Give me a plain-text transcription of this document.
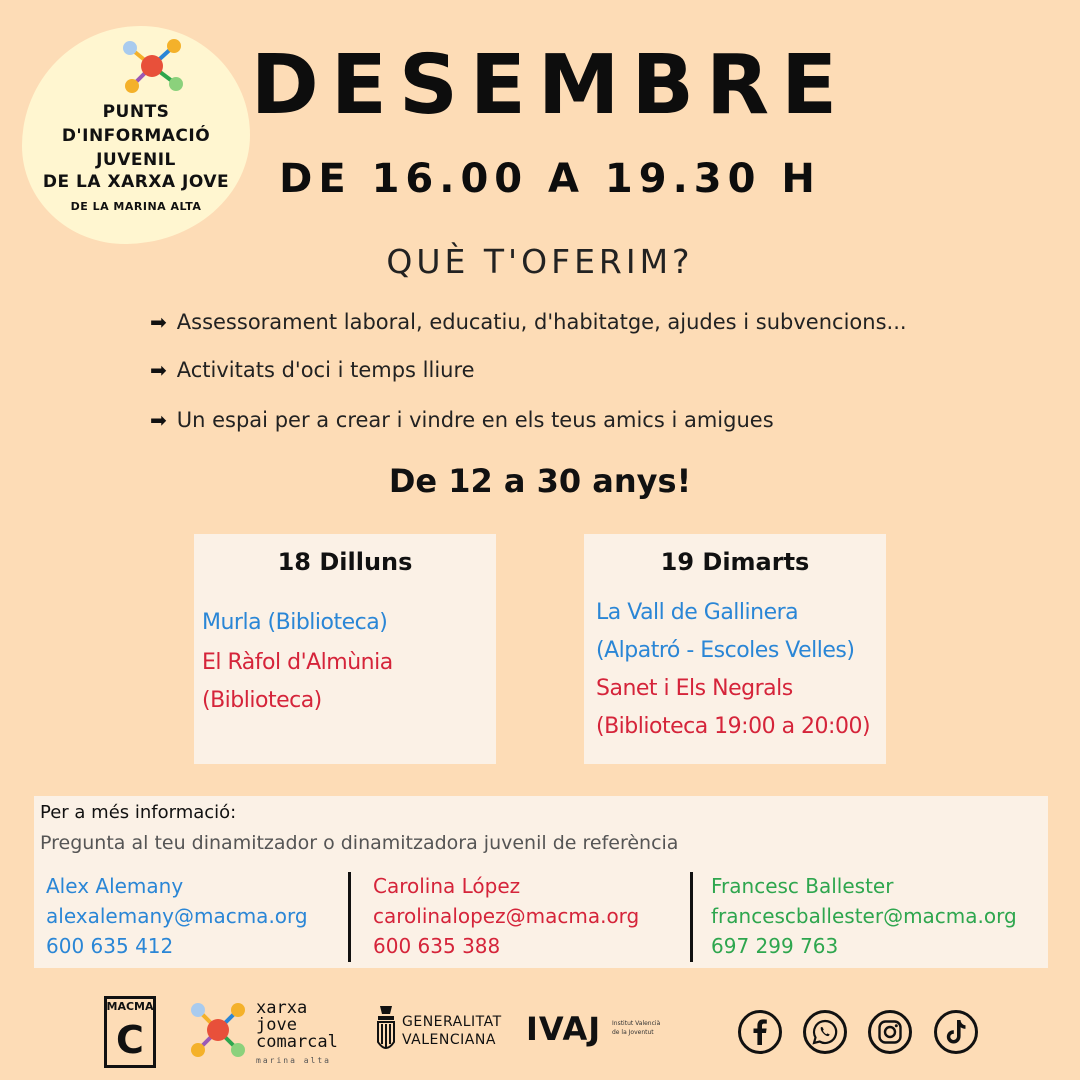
PUNTS
D'INFORMACIÓ
JUVENIL
DE LA XARXA JOVE
DE LA MARINA ALTA
DESEMBRE
DE 16.00 A 19.30 H
QUÈ T'OFERIM?
➡ Assessorament laboral, educatiu, d'habitatge, ajudes i subvencions...
➡ Activitats d'oci i temps lliure
➡ Un espai per a crear i vindre en els teus amics i amigues
De 12 a 30 anys!
18 Dilluns
Murla (Biblioteca)
El Ràfol d'Almùnia
(Biblioteca)
19 Dimarts
La Vall de Gallinera
(Alpatró - Escoles Velles)
Sanet i Els Negrals
(Biblioteca 19:00 a 20:00)
Per a més informació:
Pregunta al teu dinamitzador o dinamitzadora juvenil de referència
Alex Alemany
alexalemany@macma.org
600 635 412
Carolina López
carolinalopez@macma.org
600 635 388
Francesc Ballester
francescballester@macma.org
697 299 763
MACMA
C
xarxa
jove
comarcal
marina alta
GENERALITAT
VALENCIANA IVAJ Institut Valencià
de la Joventut
